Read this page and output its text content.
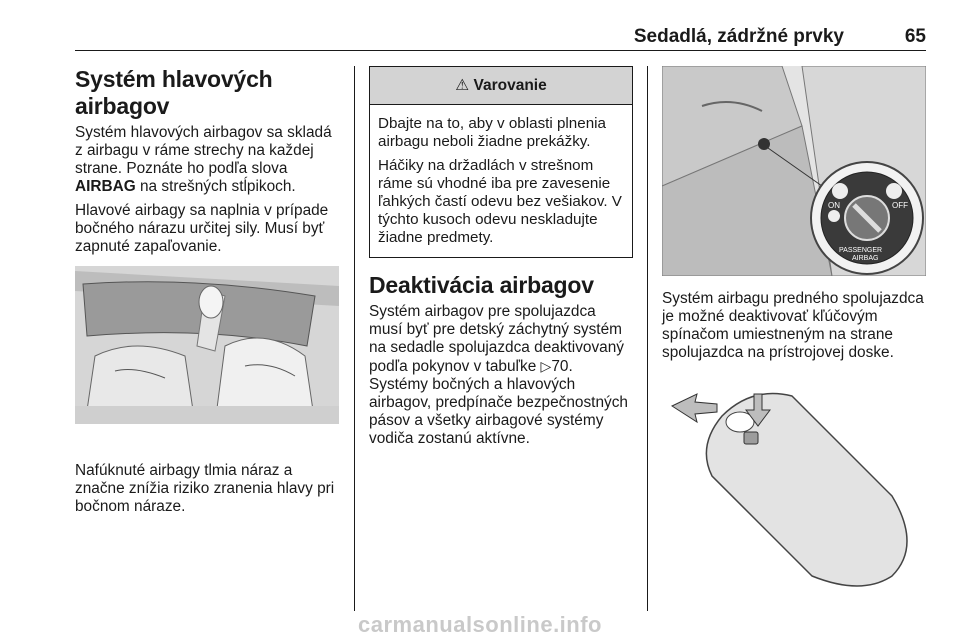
Sedadlá, zádržné prvky	65
Systém hlavových airbagov

Systém hlavových airbagov sa skladá z airbagu v ráme strechy na každej strane. Poznáte ho podľa slova AIRBAG na strešných stĺpikoch.

Hlavové airbagy sa naplnia v prípade bočného nárazu určitej sily. Musí byť zapnuté zapaľovanie.

Nafúknuté airbagy tlmia náraz a značne znížia riziko zranenia hlavy pri bočnom náraze.

⚠ Varovanie

Dbajte na to, aby v oblasti plnenia airbagu neboli žiadne prekážky.

Háčiky na držadlách v strešnom ráme sú vhodné iba pre zavesenie ľahkých častí odevu bez vešiakov. V týchto kusoch odevu neskladujte žiadne predmety.

Deaktivácia airbagov

Systém airbagov pre spolujazdca musí byť pre detský záchytný systém na sedadle spolujazdca deaktivovaný podľa pokynov v tabuľke ▷70. Systémy bočných a hlavových airbagov, predpínače bezpečnostných pásov a všetky airbagové systémy vodiča zostanú aktívne.

ON	OFF
PASSENGER
AIRBAG

Systém airbagu predného spolujazdca je možné deaktivovať kľúčovým spínačom umiestneným na strane spolujazdca na prístrojovej doske.

carmanualsonline.info
